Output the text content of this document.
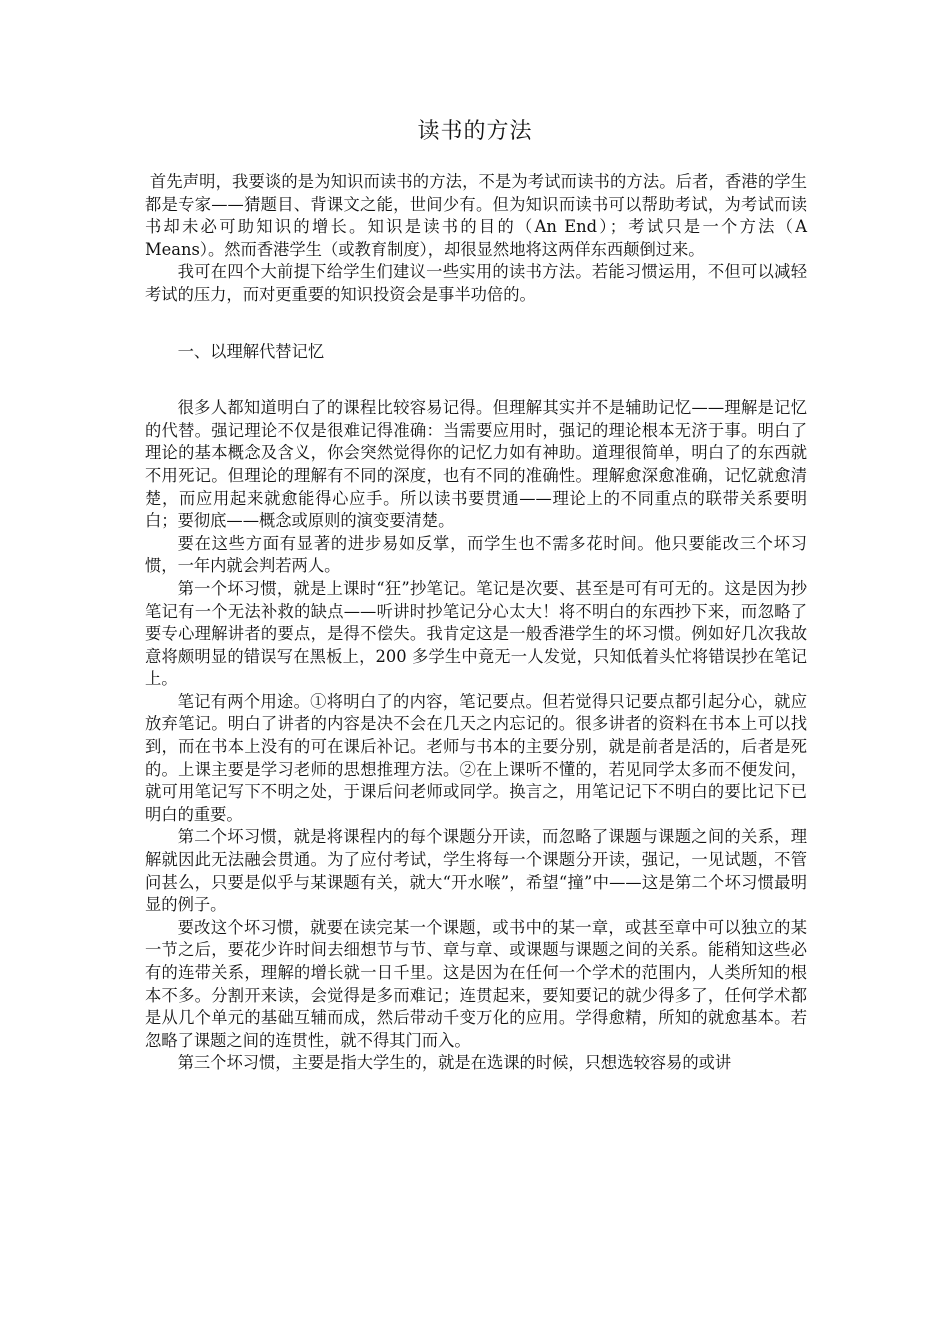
读书的方法

首先声明，我要谈的是为知识而读书的方法，不是为考试而读书的方法。后者，香港的学生都是专家——猜题目、背课文之能，世间少有。但为知识而读书可以帮助考试，为考试而读书却未必可助知识的增长。知识是读书的目的（An End）；考试只是一个方法（A Means）。然而香港学生（或教育制度），却很显然地将这两佯东西颠倒过来。

我可在四个大前提下给学生们建议一些实用的读书方法。若能习惯运用，不但可以减轻考试的压力，而对更重要的知识投资会是事半功倍的。

一、以理解代替记忆

很多人都知道明白了的课程比较容易记得。但理解其实并不是辅助记忆——理解是记忆的代替。强记理论不仅是很难记得准确：当需要应用时，强记的理论根本无济于事。明白了理论的基本概念及含义，你会突然觉得你的记忆力如有神助。道理很简单，明白了的东西就不用死记。但理论的理解有不同的深度，也有不同的准确性。理解愈深愈准确，记忆就愈清楚，而应用起来就愈能得心应手。所以读书要贯通——理论上的不同重点的联带关系要明白；要彻底——概念或原则的演变要清楚。

要在这些方面有显著的进步易如反掌，而学生也不需多花时间。他只要能改三个坏习惯，一年内就会判若两人。

第一个坏习惯，就是上课时“狂”抄笔记。笔记是次要、甚至是可有可无的。这是因为抄笔记有一个无法补救的缺点——听讲时抄笔记分心太大！将不明白的东西抄下来，而忽略了要专心理解讲者的要点，是得不偿失。我肯定这是一般香港学生的坏习惯。例如好几次我故意将颇明显的错误写在黑板上，200 多学生中竟无一人发觉，只知低着头忙将错误抄在笔记上。

笔记有两个用途。①将明白了的内容，笔记要点。但若觉得只记要点都引起分心，就应放弃笔记。明白了讲者的内容是决不会在几天之内忘记的。很多讲者的资料在书本上可以找到，而在书本上没有的可在课后补记。老师与书本的主要分别，就是前者是活的，后者是死的。上课主要是学习老师的思想推理方法。②在上课听不懂的，若见同学太多而不便发问，就可用笔记写下不明之处，于课后问老师或同学。换言之，用笔记记下不明白的要比记下已明白的重要。

第二个坏习惯，就是将课程内的每个课题分开读，而忽略了课题与课题之间的关系，理解就因此无法融会贯通。为了应付考试，学生将每一个课题分开读，强记，一见试题，不管问甚么，只要是似乎与某课题有关，就大“开水喉”，希望“撞”中——这是第二个坏习惯最明显的例子。

要改这个坏习惯，就要在读完某一个课题，或书中的某一章，或甚至章中可以独立的某一节之后，要花少许时间去细想节与节、章与章、或课题与课题之间的关系。能稍知这些必有的连带关系，理解的增长就一日千里。这是因为在任何一个学术的范围内，人类所知的根本不多。分割开来读，会觉得是多而难记；连贯起来，要知要记的就少得多了，任何学术都是从几个单元的基础互辅而成，然后带动千变万化的应用。学得愈精，所知的就愈基本。若忽略了课题之间的连贯性，就不得其门而入。

第三个坏习惯，主要是指大学生的，就是在选课的时候，只想选较容易的或讲
